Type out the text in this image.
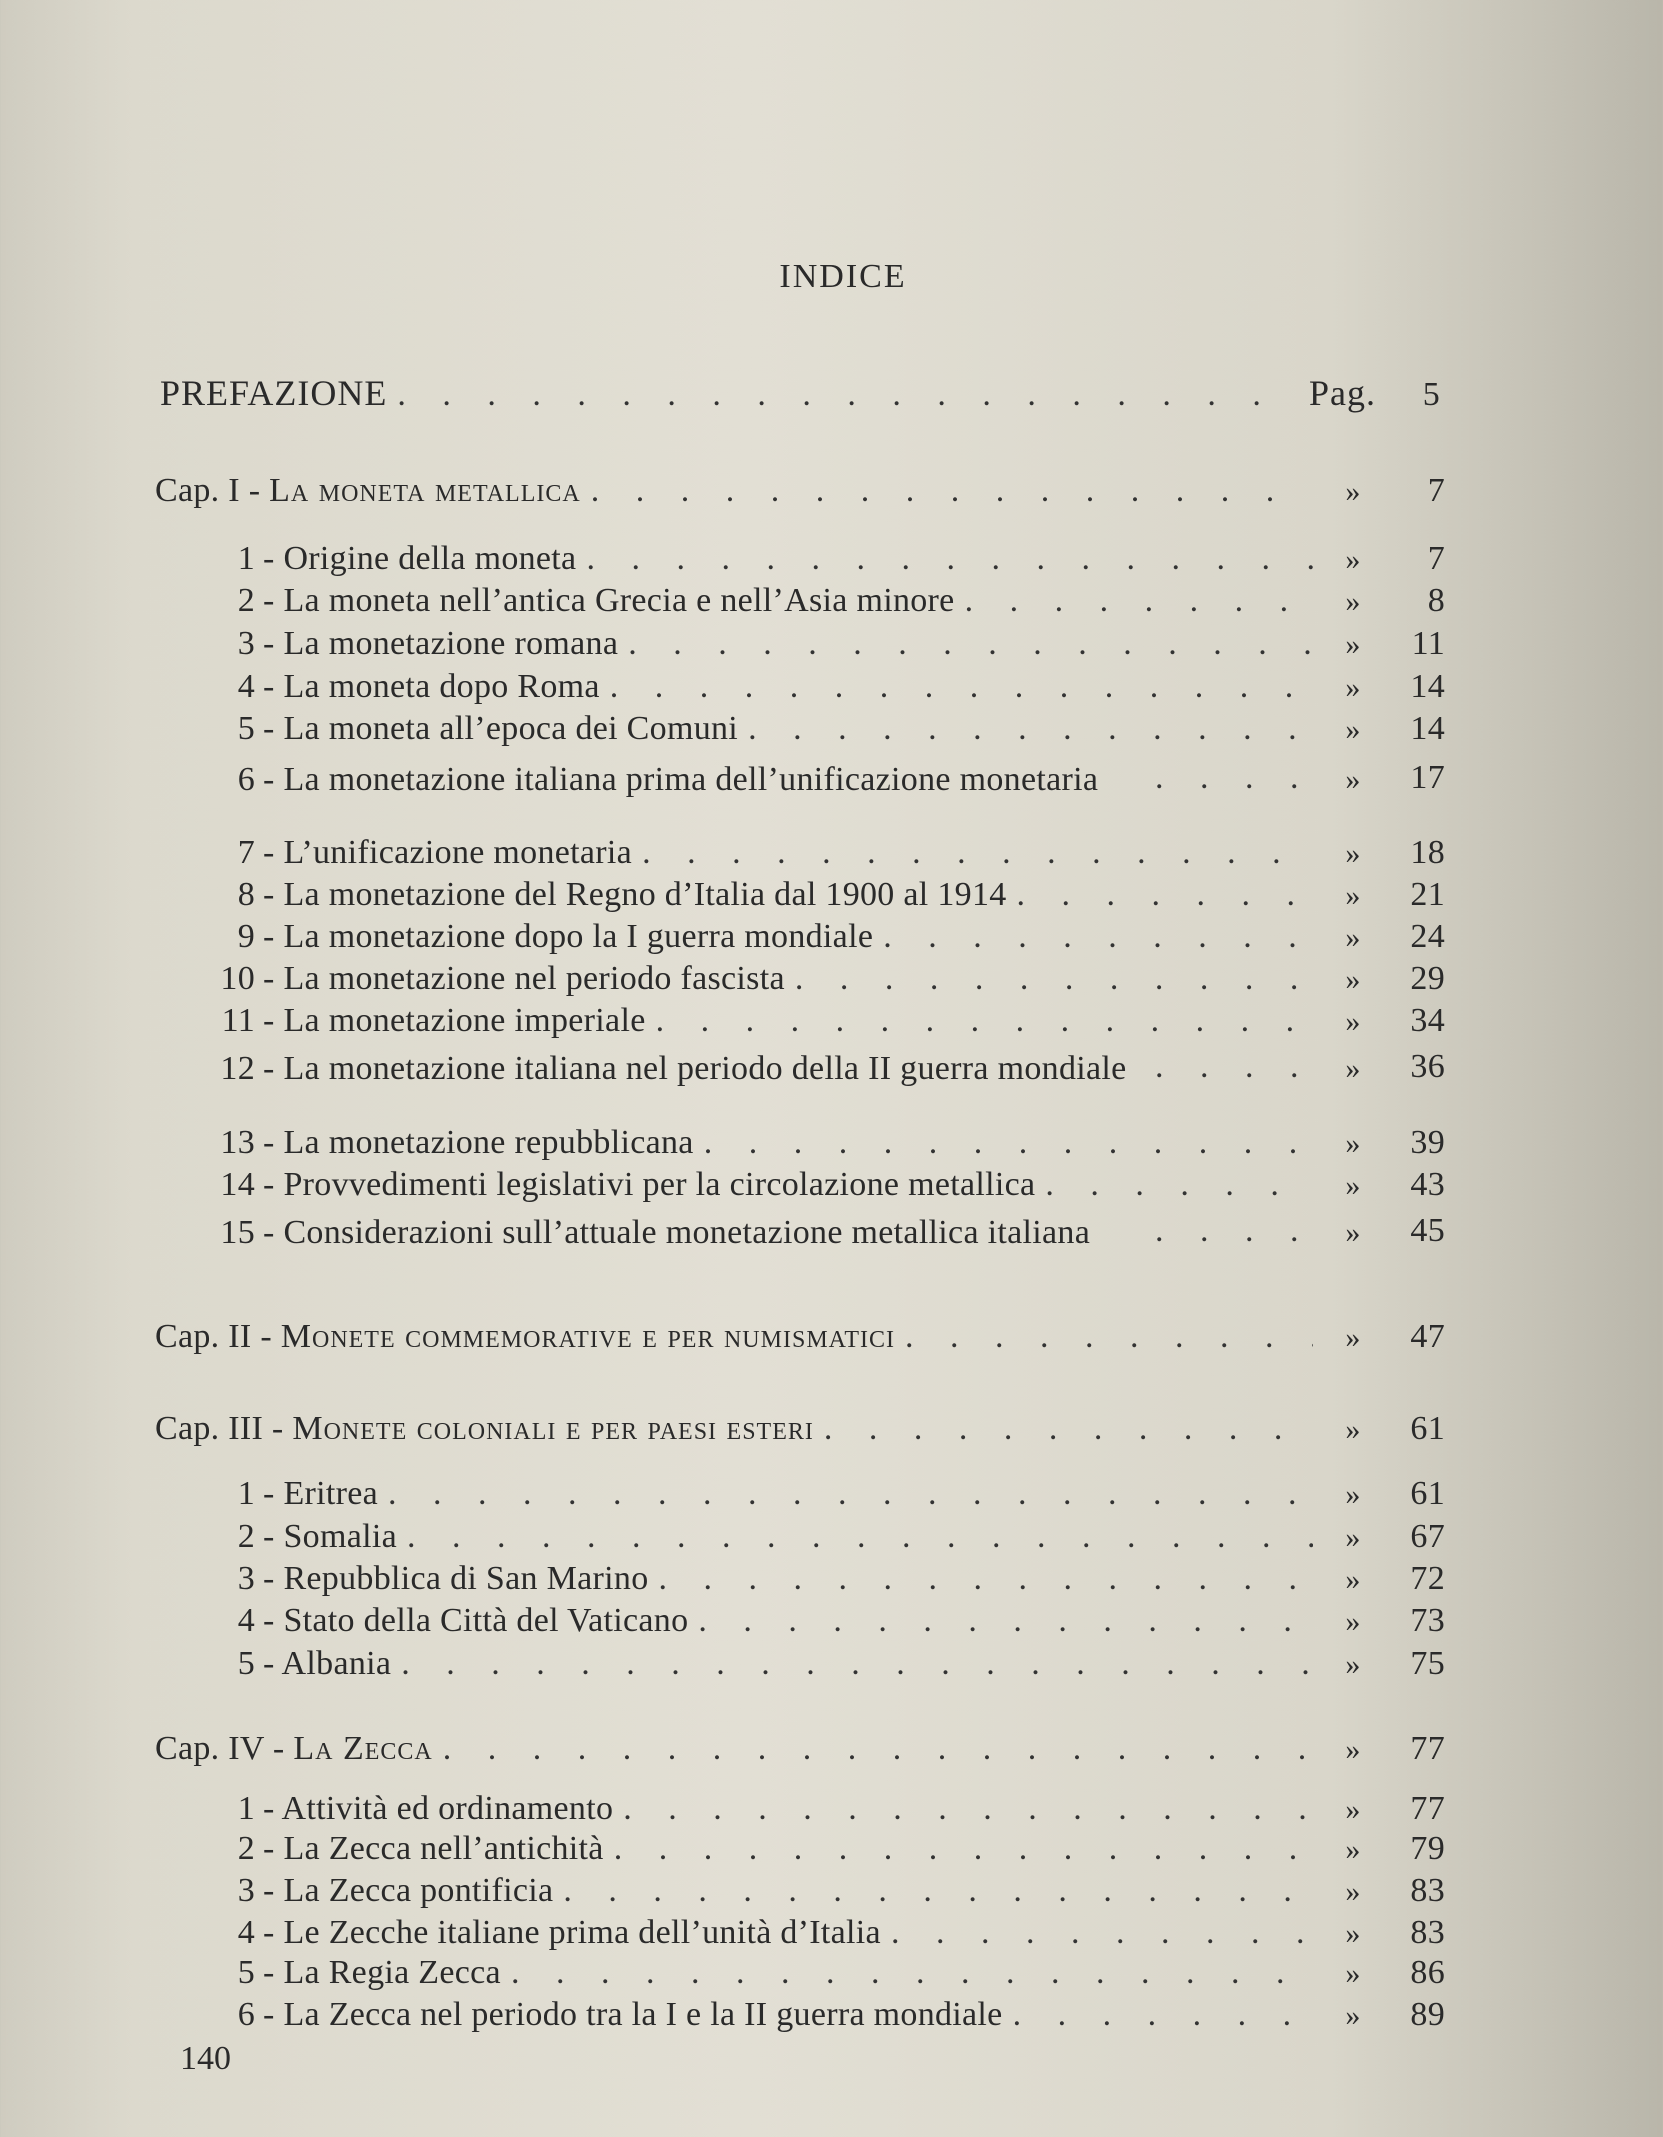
INDICE
PREFAZIONE . . .	Pag.	5
Cap. I - La moneta metallica . . .	»	7
1 - Origine della moneta . . .	»	7
2 - La moneta nell’antica Grecia e nell’Asia minore . . .	»	8
3 - La monetazione romana . . .	»	11
4 - La moneta dopo Roma . . .	»	14
5 - La moneta all’epoca dei Comuni . . .	»	14
6 - La monetazione italiana prima dell’unificazione monetaria . . .	»	17
7 - L’unificazione monetaria . . .	»	18
8 - La monetazione del Regno d’Italia dal 1900 al 1914 . . .	»	21
9 - La monetazione dopo la I guerra mondiale . . .	»	24
10 - La monetazione nel periodo fascista . . .	»	29
11 - La monetazione imperiale . . .	»	34
12 - La monetazione italiana nel periodo della II guerra mondiale . . .	»	36
13 - La monetazione repubblicana . . .	»	39
14 - Provvedimenti legislativi per la circolazione metallica . . .	»	43
15 - Considerazioni sull’attuale monetazione metallica italiana . . .	»	45
Cap. II - Monete commemorative e per numismatici . . .	»	47
Cap. III - Monete coloniali e per paesi esteri . . .	»	61
1 - Eritrea . . .	»	61
2 - Somalia . . .	»	67
3 - Repubblica di San Marino . . .	»	72
4 - Stato della Città del Vaticano . . .	»	73
5 - Albania . . .	»	75
Cap. IV - La Zecca . . .	»	77
1 - Attività ed ordinamento . . .	»	77
2 - La Zecca nell’antichità . . .	»	79
3 - La Zecca pontificia . . .	»	83
4 - Le Zecche italiane prima dell’unità d’Italia . . .	»	83
5 - La Regia Zecca . . .	»	86
6 - La Zecca nel periodo tra la I e la II guerra mondiale . . .	»	89
140
